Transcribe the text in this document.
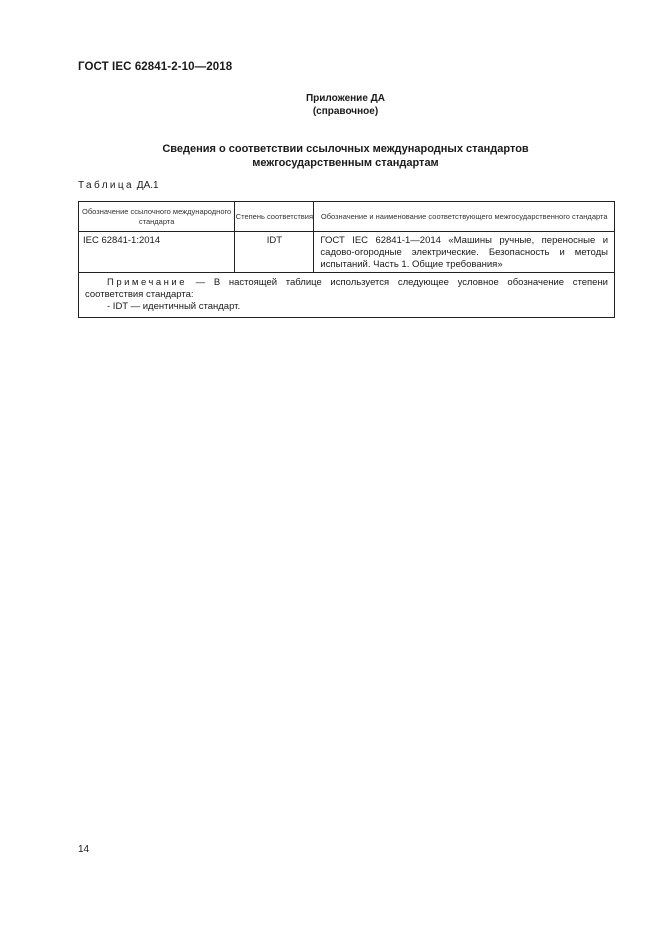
ГОСТ IEC 62841-2-10—2018
Приложение ДА
(справочное)
Сведения о соответствии ссылочных международных стандартов
межгосударственным стандартам
Таблица ДА.1
Обозначение ссылочного международного стандарта	Степень соответствия	Обозначение и наименование соответствующего межгосударственного стандарта
IEC 62841-1:2014	IDT	ГОСТ IEC 62841-1—2014 «Машины ручные, переносные и садово-огородные электрические. Безопасность и методы испытаний. Часть 1. Общие требования»
Примечание — В настоящей таблице используется следующее условное обозначение степени соответствия стандарта:
- IDT — идентичный стандарт.		
14
